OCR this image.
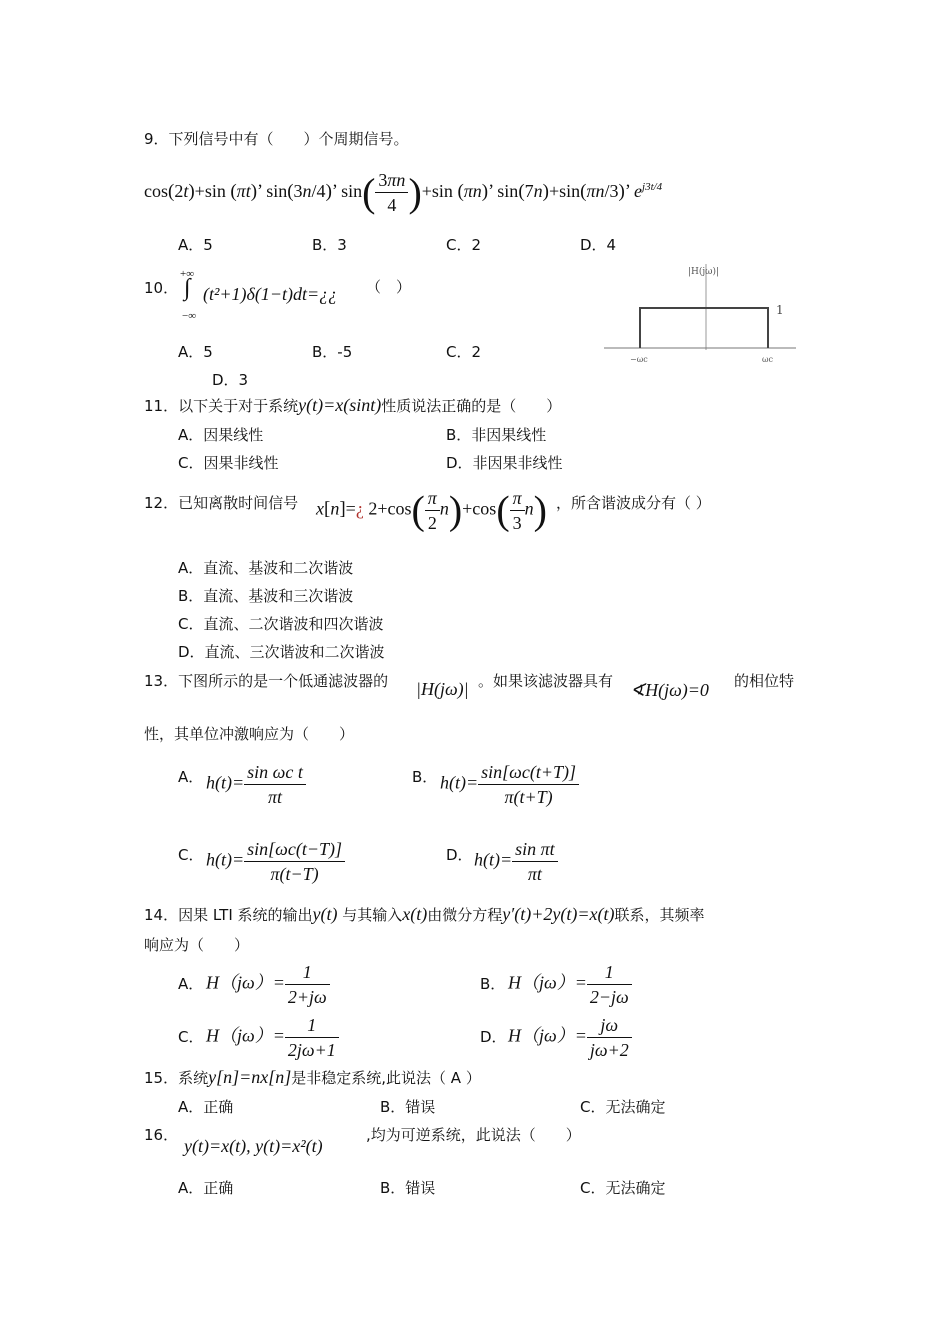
9．下列信号中有（　　）个周期信号。
cos(2t)+sin (πt)’ sin(3n/4)’ $\sin( \frac{3\pi n}{4} )+\sin$ (πn)’ sin(7n)+sin(πn/3)’ $e^{j3t/4}$
A．5	B．3	C．2	D．4
10．
+∞
∫
−∞
(t²+1)δ(1−t)dt=¿¿ （　）
A．5	B．-5	C．2
D．3
|H(jω)|
1
−ωc	ωc
11．以下关于对于系统y(t)=x(sint)性质说法正确的是（　　）
A．因果线性	B．非因果线性
C．因果非线性	D．非因果非线性
12．已知离散时间信号 x[n]=¿ $2+\cos( \frac{\pi}{2} n)+\cos( \frac{\pi}{3} n)$ ，所含谐波成分有（ ）
A．直流、基波和二次谐波
B．直流、基波和三次谐波
C．直流、二次谐波和四次谐波
D．直流、三次谐波和二次谐波
13．下图所示的是一个低通滤波器的 |H(jω)| 。如果该滤波器具有 ∢H(jω)=0 的相位特
性，其单位冲激响应为（　　）
A． $h(t)= \frac{\text{sin ωc t}}{\pi t}$	B． $h(t)= \frac{\sin[\omega c(t+T)]}{\pi(t+T)}$
C． $h(t)= \frac{\sin[\omega c(t-T)]}{\pi(t-T)}$	D． $h(t)= \frac{\text{sin πt}}{\pi t}$
14．因果 LTI 系统的输出y(t) 与其输入x(t)由微分方程y′(t)+2y(t)=x(t)联系，其频率
响应为（　　）
A． $H(j\omega)= \frac{1}{2+j\omega}$	B． $H(j\omega)= \frac{1}{2-j\omega}$
C． $H(j\omega)= \frac{1}{2j\omega+1}$	D． $H(j\omega)= \frac{j\omega}{j\omega+2}$
15．系统y[n]=nx[n]是非稳定系统,此说法（ A ）
A．正确	B．错误	C．无法确定
16．
y(t)=x(t), y(t)=x²(t)
,均为可逆系统，此说法（　　）
A．正确	B．错误	C．无法确定
